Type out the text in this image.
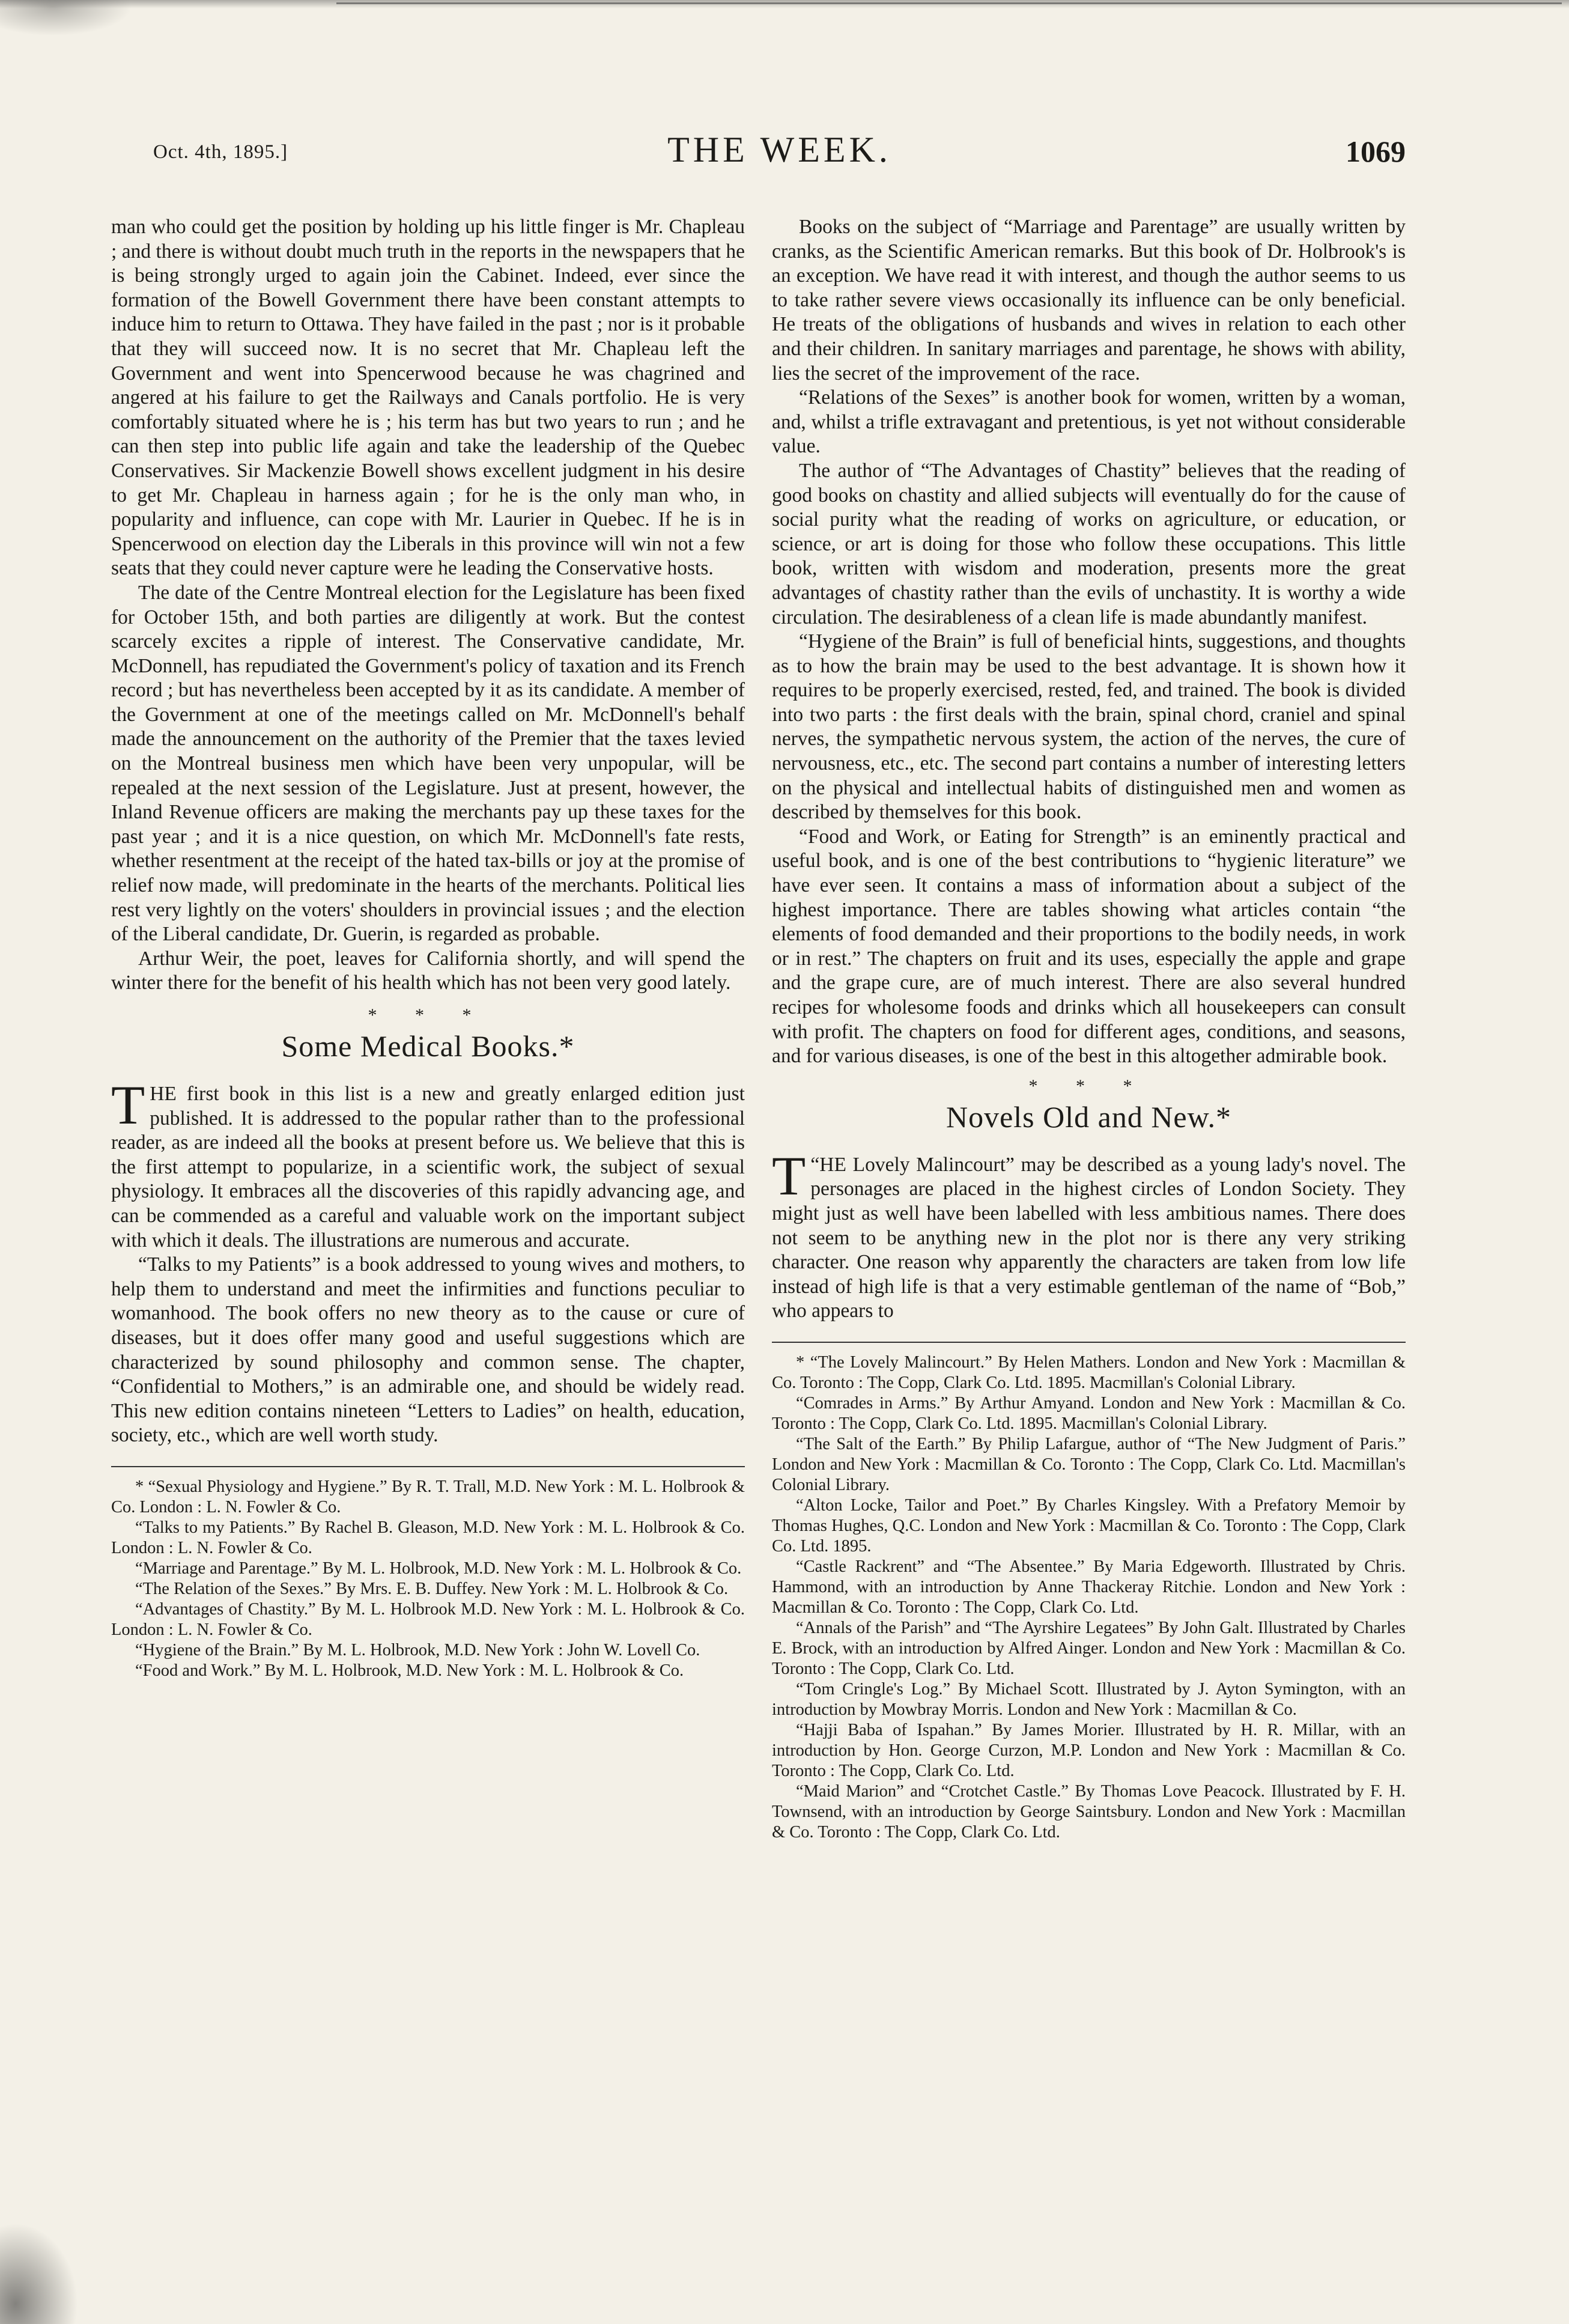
Oct. 4th, 1895.]	THE WEEK.	1069

man who could get the position by holding up his little finger is Mr. Chapleau ; and there is without doubt much truth in the reports in the newspapers that he is being strongly urged to again join the Cabinet. Indeed, ever since the formation of the Bowell Government there have been constant attempts to induce him to return to Ottawa. They have failed in the past ; nor is it probable that they will succeed now. It is no secret that Mr. Chapleau left the Government and went into Spencerwood because he was chagrined and angered at his failure to get the Railways and Canals portfolio. He is very comfortably situated where he is ; his term has but two years to run ; and he can then step into public life again and take the leadership of the Quebec Conservatives. Sir Mackenzie Bowell shows excellent judgment in his desire to get Mr. Chapleau in harness again ; for he is the only man who, in popularity and influence, can cope with Mr. Laurier in Quebec. If he is in Spencerwood on election day the Liberals in this province will win not a few seats that they could never capture were he leading the Conservative hosts.

The date of the Centre Montreal election for the Legislature has been fixed for October 15th, and both parties are diligently at work. But the contest scarcely excites a ripple of interest. The Conservative candidate, Mr. McDonnell, has repudiated the Government's policy of taxation and its French record ; but has nevertheless been accepted by it as its candidate. A member of the Government at one of the meetings called on Mr. McDonnell's behalf made the announcement on the authority of the Premier that the taxes levied on the Montreal business men which have been very unpopular, will be repealed at the next session of the Legislature. Just at present, however, the Inland Revenue officers are making the merchants pay up these taxes for the past year ; and it is a nice question, on which Mr. McDonnell's fate rests, whether resentment at the receipt of the hated tax-bills or joy at the promise of relief now made, will predominate in the hearts of the merchants. Political lies rest very lightly on the voters' shoulders in provincial issues ; and the election of the Liberal candidate, Dr. Guerin, is regarded as probable.

Arthur Weir, the poet, leaves for California shortly, and will spend the winter there for the benefit of his health which has not been very good lately.

* * *
Some Medical Books.*

THE first book in this list is a new and greatly enlarged edition just published. It is addressed to the popular rather than to the professional reader, as are indeed all the books at present before us. We believe that this is the first attempt to popularize, in a scientific work, the subject of sexual physiology. It embraces all the discoveries of this rapidly advancing age, and can be commended as a careful and valuable work on the important subject with which it deals. The illustrations are numerous and accurate.

“Talks to my Patients” is a book addressed to young wives and mothers, to help them to understand and meet the infirmities and functions peculiar to womanhood. The book offers no new theory as to the cause or cure of diseases, but it does offer many good and useful suggestions which are characterized by sound philosophy and common sense. The chapter, “Confidential to Mothers,” is an admirable one, and should be widely read. This new edition contains nineteen “Letters to Ladies” on health, education, society, etc., which are well worth study.

* “Sexual Physiology and Hygiene.” By R. T. Trall, M.D. New York : M. L. Holbrook & Co. London : L. N. Fowler & Co.

“Talks to my Patients.” By Rachel B. Gleason, M.D. New York : M. L. Holbrook & Co. London : L. N. Fowler & Co.

“Marriage and Parentage.” By M. L. Holbrook, M.D. New York : M. L. Holbrook & Co.

“The Relation of the Sexes.” By Mrs. E. B. Duffey. New York : M. L. Holbrook & Co.

“Advantages of Chastity.” By M. L. Holbrook M.D. New York : M. L. Holbrook & Co. London : L. N. Fowler & Co.

“Hygiene of the Brain.” By M. L. Holbrook, M.D. New York : John W. Lovell Co.

“Food and Work.” By M. L. Holbrook, M.D. New York : M. L. Holbrook & Co.

Books on the subject of “Marriage and Parentage” are usually written by cranks, as the Scientific American remarks. But this book of Dr. Holbrook's is an exception. We have read it with interest, and though the author seems to us to take rather severe views occasionally its influence can be only beneficial. He treats of the obligations of husbands and wives in relation to each other and their children. In sanitary marriages and parentage, he shows with ability, lies the secret of the improvement of the race.

“Relations of the Sexes” is another book for women, written by a woman, and, whilst a trifle extravagant and pretentious, is yet not without considerable value.

The author of “The Advantages of Chastity” believes that the reading of good books on chastity and allied subjects will eventually do for the cause of social purity what the reading of works on agriculture, or education, or science, or art is doing for those who follow these occupations. This little book, written with wisdom and moderation, presents more the great advantages of chastity rather than the evils of unchastity. It is worthy a wide circulation. The desirableness of a clean life is made abundantly manifest.

“Hygiene of the Brain” is full of beneficial hints, suggestions, and thoughts as to how the brain may be used to the best advantage. It is shown how it requires to be properly exercised, rested, fed, and trained. The book is divided into two parts : the first deals with the brain, spinal chord, craniel and spinal nerves, the sympathetic nervous system, the action of the nerves, the cure of nervousness, etc., etc. The second part contains a number of interesting letters on the physical and intellectual habits of distinguished men and women as described by themselves for this book.

“Food and Work, or Eating for Strength” is an eminently practical and useful book, and is one of the best contributions to “hygienic literature” we have ever seen. It contains a mass of information about a subject of the highest importance. There are tables showing what articles contain “the elements of food demanded and their proportions to the bodily needs, in work or in rest.” The chapters on fruit and its uses, especially the apple and grape and the grape cure, are of much interest. There are also several hundred recipes for wholesome foods and drinks which all housekeepers can consult with profit. The chapters on food for different ages, conditions, and seasons, and for various diseases, is one of the best in this altogether admirable book.

* * *
Novels Old and New.*

“
T HE Lovely Malincourt” may be described as a young lady's novel. The personages are placed in the highest circles of London Society. They might just as well have been labelled with less ambitious names. There does not seem to be anything new in the plot nor is there any very striking character. One reason why apparently the characters are taken from low life instead of high life is that a very estimable gentleman of the name of “Bob,” who appears to

* “The Lovely Malincourt.” By Helen Mathers. London and New York : Macmillan & Co. Toronto : The Copp, Clark Co. Ltd. 1895. Macmillan's Colonial Library.

“Comrades in Arms.” By Arthur Amyand. London and New York : Macmillan & Co. Toronto : The Copp, Clark Co. Ltd. 1895. Macmillan's Colonial Library.

“The Salt of the Earth.” By Philip Lafargue, author of “The New Judgment of Paris.” London and New York : Macmillan & Co. Toronto : The Copp, Clark Co. Ltd. Macmillan's Colonial Library.

“Alton Locke, Tailor and Poet.” By Charles Kingsley. With a Prefatory Memoir by Thomas Hughes, Q.C. London and New York : Macmillan & Co. Toronto : The Copp, Clark Co. Ltd. 1895.

“Castle Rackrent” and “The Absentee.” By Maria Edgeworth. Illustrated by Chris. Hammond, with an introduction by Anne Thackeray Ritchie. London and New York : Macmillan & Co. Toronto : The Copp, Clark Co. Ltd.

“Annals of the Parish” and “The Ayrshire Legatees” By John Galt. Illustrated by Charles E. Brock, with an introduction by Alfred Ainger. London and New York : Macmillan & Co. Toronto : The Copp, Clark Co. Ltd.

“Tom Cringle's Log.” By Michael Scott. Illustrated by J. Ayton Symington, with an introduction by Mowbray Morris. London and New York : Macmillan & Co.

“Hajji Baba of Ispahan.” By James Morier. Illustrated by H. R. Millar, with an introduction by Hon. George Curzon, M.P. London and New York : Macmillan & Co. Toronto : The Copp, Clark Co. Ltd.

“Maid Marion” and “Crotchet Castle.” By Thomas Love Peacock. Illustrated by F. H. Townsend, with an introduction by George Saintsbury. London and New York : Macmillan & Co. Toronto : The Copp, Clark Co. Ltd.
